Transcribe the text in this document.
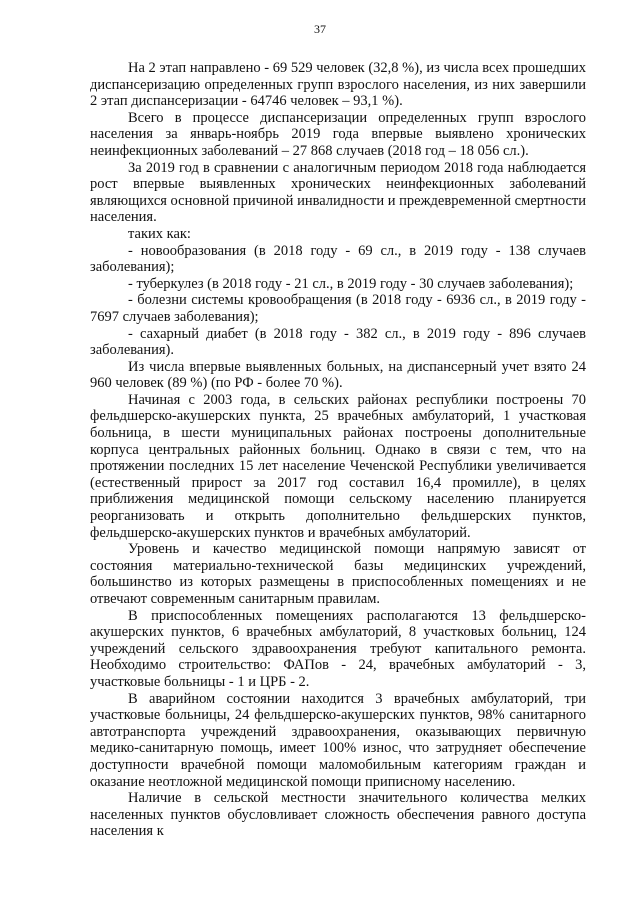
37

На 2 этап направлено - 69 529 человек (32,8 %), из числа всех прошедших диспансеризацию определенных групп взрослого населения, из них завершили 2 этап диспансеризации - 64746 человек – 93,1 %).

Всего в процессе диспансеризации определенных групп взрослого населения за январь-ноябрь 2019 года впервые выявлено хронических неинфекционных заболеваний – 27 868 случаев (2018 год – 18 056 сл.).

За 2019 год в сравнении с аналогичным периодом 2018 года наблюдается рост впервые выявленных хронических неинфекционных заболеваний являющихся основной причиной инвалидности и преждевременной смертности населения.

таких как:

- новообразования (в 2018 году - 69 сл., в 2019 году - 138 случаев заболевания);

- туберкулез (в 2018 году - 21 сл., в 2019 году - 30 случаев заболевания);

- болезни системы кровообращения (в 2018 году - 6936 сл., в 2019 году - 7697 случаев заболевания);

- сахарный диабет (в 2018 году - 382 сл., в 2019 году - 896 случаев заболевания).

Из числа впервые выявленных больных, на диспансерный учет взято 24 960 человек (89 %) (по РФ - более 70 %).

Начиная с 2003 года, в сельских районах республики построены 70 фельдшерско-акушерских пункта, 25 врачебных амбулаторий, 1 участковая больница, в шести муниципальных районах построены дополнительные корпуса центральных районных больниц. Однако в связи с тем, что на протяжении последних 15 лет население Чеченской Республики увеличивается (естественный прирост за 2017 год составил 16,4 промилле), в целях приближения медицинской помощи сельскому населению планируется реорганизовать и открыть дополнительно фельдшерских пунктов, фельдшерско-акушерских пунктов и врачебных амбулаторий.

Уровень и качество медицинской помощи напрямую зависят от состояния материально-технической базы медицинских учреждений, большинство из которых размещены в приспособленных помещениях и не отвечают современным санитарным правилам.

В приспособленных помещениях располагаются 13 фельдшерско-акушерских пунктов, 6 врачебных амбулаторий, 8 участковых больниц, 124 учреждений сельского здравоохранения требуют капитального ремонта. Необходимо строительство: ФАПов - 24, врачебных амбулаторий - 3, участковые больницы - 1 и ЦРБ - 2.

В аварийном состоянии находится 3 врачебных амбулаторий, три участковые больницы, 24 фельдшерско-акушерских пунктов, 98% санитарного автотранспорта учреждений здравоохранения, оказывающих первичную медико-санитарную помощь, имеет 100% износ, что затрудняет обеспечение доступности врачебной помощи маломобильным категориям граждан и оказание неотложной медицинской помощи приписному населению.

Наличие в сельской местности значительного количества мелких населенных пунктов обусловливает сложность обеспечения равного доступа населения к
